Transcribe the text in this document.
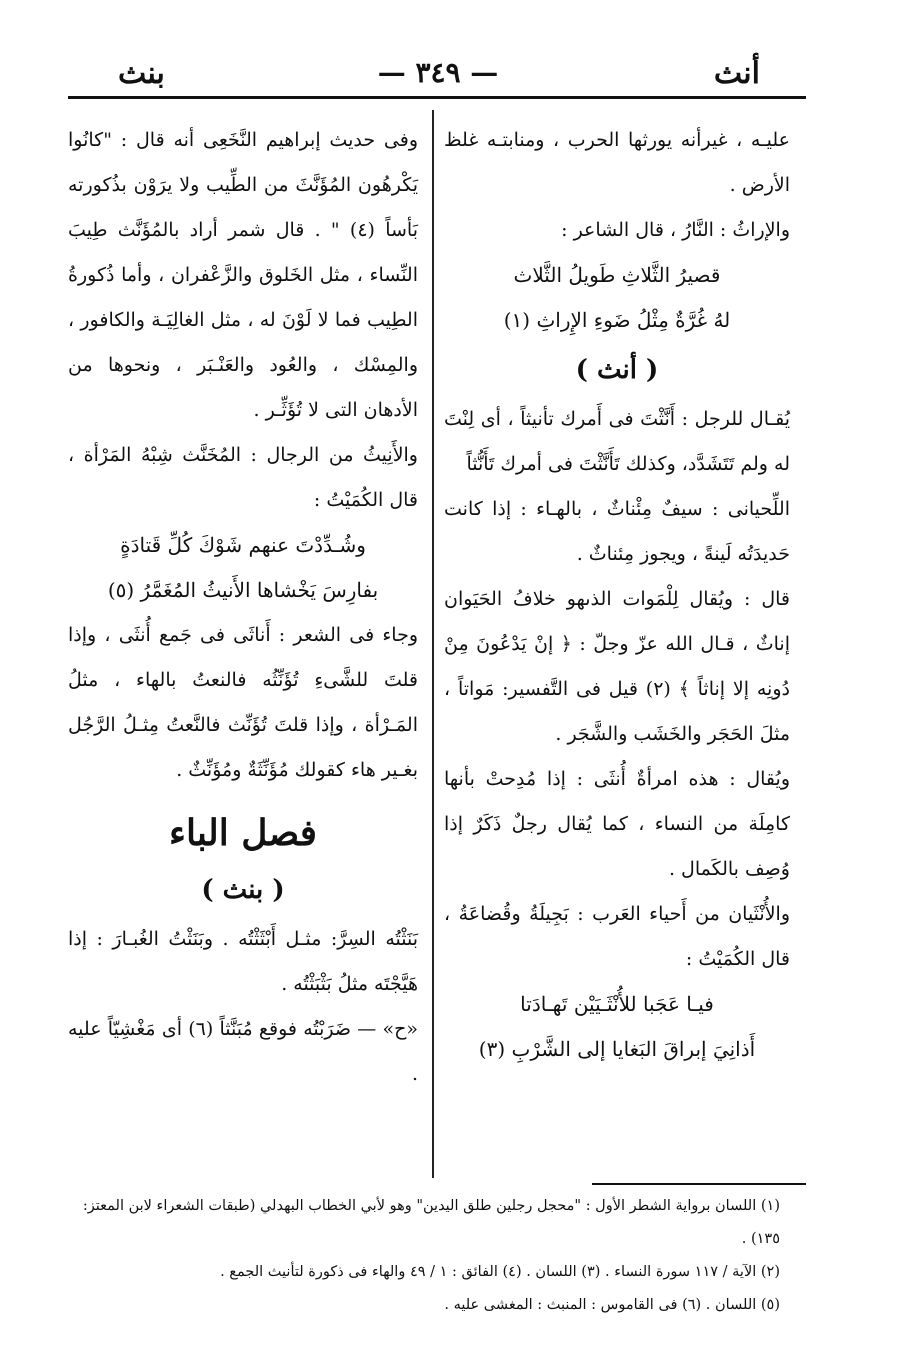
أنث
— ٣٤٩ —
بنث

عليـه ، غيرأنه يورثها الحرب ، ومنابتـه غلظ الأرض .

والإراثُ : النَّارُ ، قال الشاعر :

قصيرُ الثَّلاثِ طَويلُ الثَّلاث

لهُ غُرَّةٌ مِثْلُ ضَوءِ الإِراثِ (١)

( أنث )

يُقـال للرجل : أَنَّثْتَ فى أَمرك تأنيثاً ، أى لِنْتَ له ولم تَتَشَدَّد، وكذلك تَأَنَّثْتَ فى أمرك تَأَنُّثاً

اللِّحيانى : سيفٌ مِئْناثٌ ، بالهـاء : إذا كانت حَديدَتُه لَينةً ، ويجوز مِئناثٌ .

قال : ويُقال لِلْمَوات الذىهو خلافُ الحَيَوان إناثٌ ، قـال الله عزّ وجلّ : ﴿ إنْ يَدْعُونَ مِنْ دُونِه إلا إناثاً ﴾ (٢) قيل فى التَّفسير: مَواتاً ، مثلَ الحَجَر والخَشَب والشَّجَر .

ويُقال : هذه امرأةٌ أُنثَى : إذا مُدِحتْ بأنها كامِلَة من النساء ، كما يُقال رجلٌ ذَكَرٌ إذا وُصِف بالكَمال .

والأُنْثَيان من أَحياء العَرب : بَجِيلَةُ وقُضاعَةُ ، قال الكُمَيْتُ :

فيـا عَجَبا للأُنْثَـيَيْن تَهـادَتا

أَذانِيَ إبراقَ البَغايا إلى الشَّرْبِ (٣)

وفى حديث إبراهيم النَّخَعِى أنه قال : "كانُوا يَكْرهُون المُؤَنَّثَ من الطِّيب ولا يرَوْن بذُكورته بَأساً (٤) " . قال شمر أراد بالمُؤَنَّث طِيبَ النِّساء ، مثل الخَلوق والزَّعْفران ، وأما ذُكورةُ الطِيب فما لا لَوْنَ له ، مثل الغالِيَـة والكافور ، والمِسْك ، والعُود والعَنْـبَر ، ونحوها من الأدهان التى لا تُؤَثِّـر .

والأَنِيثُ من الرجال : المُخَنَّث شِبْهُ المَرْأة ، قال الكُمَيْتُ :

وشُـدِّدْتَ عنهم شَوْكَ كُلِّ قَتادَةٍ

بفارِسَ يَخْشاها الأَنيثُ المُغَمَّرُ (٥)

وجاء فى الشعر : أَناثَى فى جَمع أُنثَى ، وإذا قلتَ للشَّىءِ تُؤَنِّثُه فالنعتُ بالهاء ، مثلُ المَـرْأة ، وإذا قلتَ تُؤَنِّث فالنَّعتُ مِثـلُ الرَّجُل بغـير هاء كقولك مُؤَنِّثَةٌ ومُؤَنِّثٌ .

فصل الباء

( بنث )

بَنَثْتُه السِرَّ: مثـل أَبْثَثْتُه . وبَنَثْتُ الغُبـارَ : إذا هَيَّجْتَه مثلُ بَثْبَثْتُه .

«ح» — ضَرَبْتُه فوقع مُبَنَّثاً (٦) أى مَغْشِيّاً عليه .

(١) اللسان برواية الشطر الأول : "محجل رجلين طلق اليدين" وهو لأبي الخطاب البهدلي (طبقات الشعراء لابن المعتز: ١٣٥) .

(٢) الآية / ١١٧ سورة النساء . (٣) اللسان . (٤) الفائق : ١ / ٤٩ والهاء فى ذكورة لتأنيث الجمع .

(٥) اللسان . (٦) فى القاموس : المنبث : المغشى عليه .
